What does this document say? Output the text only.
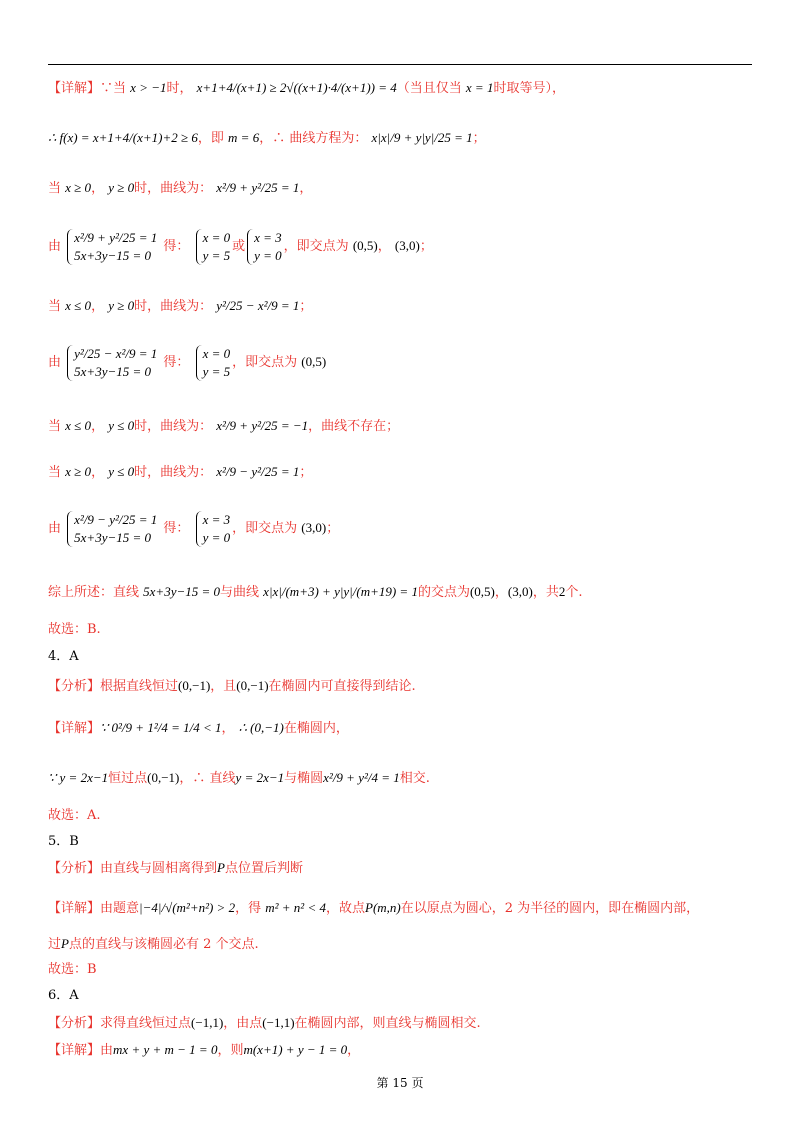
【详解】∵当 x > −1时， x+1+4/(x+1) ≥ 2√((x+1)·4/(x+1)) = 4（当且仅当 x = 1时取等号），
∴ f(x) = x+1+4/(x+1)+2 ≥ 6，即 m = 6，∴ 曲线方程为： x|x|/9 + y|y|/25 = 1；
当 x ≥ 0， y ≥ 0时，曲线为： x²/9 + y²/25 = 1，
由
x²/9 + y²/25 = 1
5x+3y−15 = 0
得：
x = 0
y = 5
或
x = 3
y = 0
，即交点为 (0,5)， (3,0)；
当 x ≤ 0， y ≥ 0时，曲线为： y²/25 − x²/9 = 1；
由
y²/25 − x²/9 = 1
5x+3y−15 = 0
得：
x = 0
y = 5
，即交点为 (0,5)
当 x ≤ 0， y ≤ 0时，曲线为： x²/9 + y²/25 = −1，曲线不存在；
当 x ≥ 0， y ≤ 0时，曲线为： x²/9 − y²/25 = 1；
由
x²/9 − y²/25 = 1
5x+3y−15 = 0
得：
x = 3
y = 0
，即交点为 (3,0)；
综上所述：直线 5x+3y−15 = 0与曲线 x|x|/(m+3) + y|y|/(m+19) = 1的交点为(0,5)，(3,0)，共2个.
故选：B.
4．A
【分析】根据直线恒过(0,−1)，且(0,−1)在椭圆内可直接得到结论.
【详解】∵ 0²/9 + 1²/4 = 1/4 < 1， ∴ (0,−1)在椭圆内，
∵ y = 2x−1恒过点(0,−1)，∴ 直线y = 2x−1与椭圆x²/9 + y²/4 = 1相交.
故选：A.
5．B
【分析】由直线与圆相离得到P点位置后判断
【详解】由题意|−4|/√(m²+n²) > 2，得 m² + n² < 4，故点P(m,n)在以原点为圆心，2 为半径的圆内，即在椭圆内部，
过P点的直线与该椭圆必有 2 个交点.
故选：B
6．A
【分析】求得直线恒过点(−1,1)，由点(−1,1)在椭圆内部，则直线与椭圆相交.
【详解】由mx + y + m − 1 = 0，则m(x+1) + y − 1 = 0，
第 15 页
